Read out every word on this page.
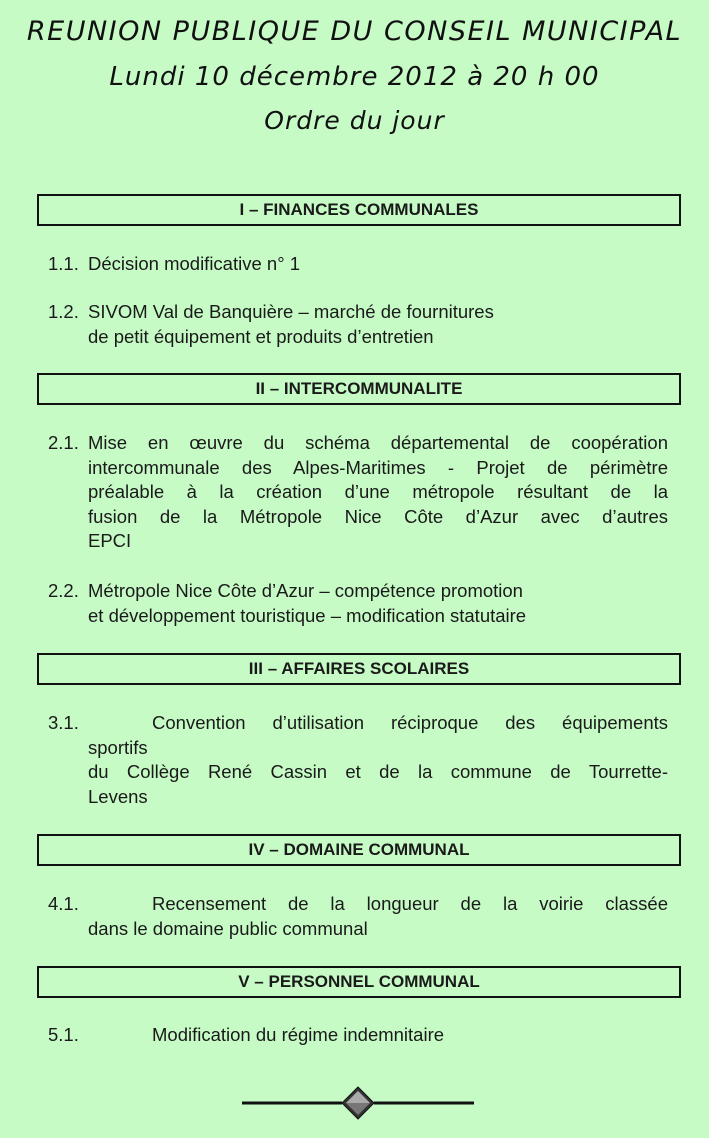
REUNION PUBLIQUE DU CONSEIL MUNICIPAL
Lundi 10 décembre 2012 à 20 h 00
Ordre du jour
I – FINANCES COMMUNALES
1.1. Décision modificative n° 1
1.2. SIVOM Val de Banquière – marché de fournitures
de petit équipement et produits d’entretien
II – INTERCOMMUNALITE
2.1. Mise en œuvre du schéma départemental de coopération
intercommunale des Alpes-Maritimes - Projet de périmètre
préalable à la création d’une métropole résultant de la
fusion de la Métropole Nice Côte d’Azur avec d’autres
EPCI
2.2. Métropole Nice Côte d’Azur – compétence promotion
et développement touristique – modification statutaire
III – AFFAIRES SCOLAIRES
3.1.	Convention d’utilisation réciproque des équipements
sportifs
du Collège René Cassin et de la commune de Tourrette-
Levens
IV – DOMAINE COMMUNAL
4.1.	Recensement de la longueur de la voirie classée
dans le domaine public communal
V – PERSONNEL COMMUNAL
5.1.	Modification du régime indemnitaire
